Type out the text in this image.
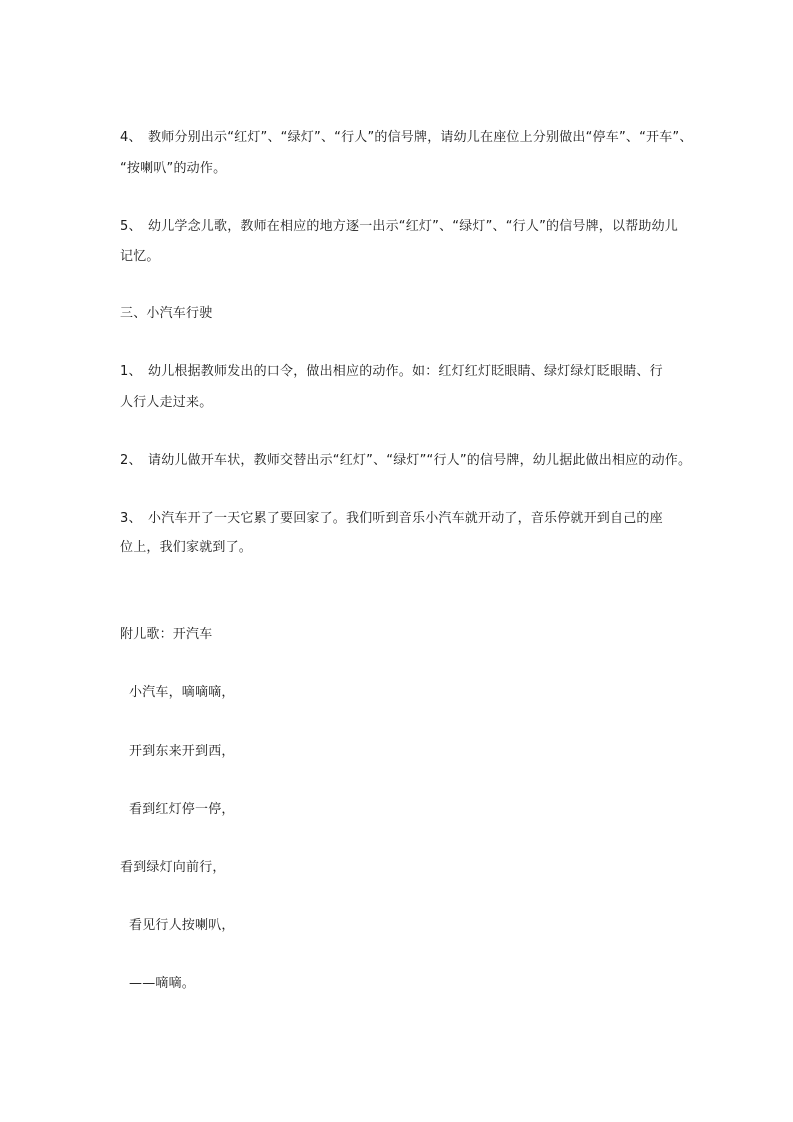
4、 教师分别出示“红灯”、“绿灯”、“行人”的信号牌，请幼儿在座位上分别做出“停车”、“开车”、
“按喇叭”的动作。
5、 幼儿学念儿歌，教师在相应的地方逐一出示“红灯”、“绿灯”、“行人”的信号牌，以帮助幼儿
记忆。
三、小汽车行驶
1、 幼儿根据教师发出的口令，做出相应的动作。如：红灯红灯眨眼睛、绿灯绿灯眨眼睛、行
人行人走过来。
2、 请幼儿做开车状，教师交替出示“红灯”、“绿灯”“行人”的信号牌，幼儿据此做出相应的动作。
3、 小汽车开了一天它累了要回家了。我们听到音乐小汽车就开动了，音乐停就开到自己的座
位上，我们家就到了。
附儿歌：开汽车
小汽车，嘀嘀嘀，
开到东来开到西，
看到红灯停一停，
看到绿灯向前行，
看见行人按喇叭，
——嘀嘀。
